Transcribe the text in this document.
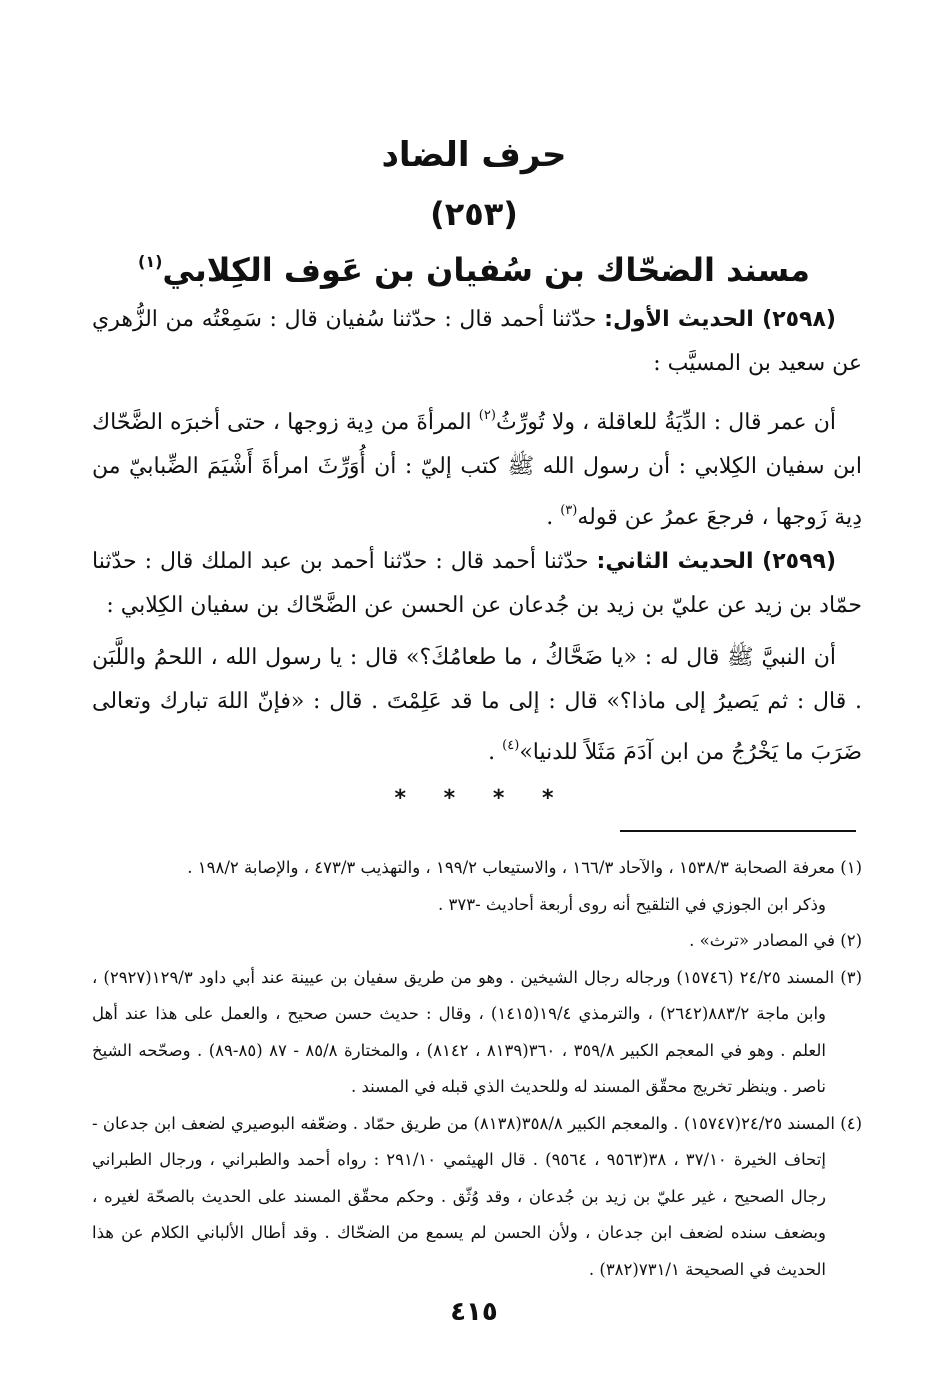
حرف الضاد
(٢٥٣)
مسند الضحّاك بن سُفيان بن عَوف الكِلابي$^{(١)}$

(٢٥٩٨) الحديث الأول: حدّثنا أحمد قال : حدّثنا سُفيان قال : سَمِعْتُه من الزُّهري عن سعيد بن المسيَّب :

أن عمر قال : الدِّيَةُ للعاقلة ، ولا تُورِّثُ$^{(٢)}$ المرأةَ من دِية زوجها ، حتى أخبرَه الضَّحّاك ابن سفيان الكِلابي : أن رسول الله ﷺ كتب إليّ : أن أُوَرِّثَ امرأةَ أَشْيَمَ الضِّبابيّ من دِية زَوجها ، فرجعَ عمرُ عن قوله$^{(٣)}$ .

(٢٥٩٩) الحديث الثاني: حدّثنا أحمد قال : حدّثنا أحمد بن عبد الملك قال : حدّثنا حمّاد بن زيد عن عليّ بن زيد بن جُدعان عن الحسن عن الضَّحّاك بن سفيان الكِلابي :

أن النبيَّ ﷺ قال له : «يا ضَحَّاكُ ، ما طعامُكَ؟» قال : يا رسول الله ، اللحمُ واللَّبَن . قال : ثم يَصيرُ إلى ماذا؟» قال : إلى ما قد عَلِمْتَ . قال : «فإنّ اللهَ تبارك وتعالى ضَرَبَ ما يَخْرُجُ من ابن آدَمَ مَثَلاً للدنيا»$^{(٤)}$ .

* * * *

(١) معرفة الصحابة ١٥٣٨/٣ ، والآحاد ١٦٦/٣ ، والاستيعاب ١٩٩/٢ ، والتهذيب ٤٧٣/٣ ، والإصابة ١٩٨/٢ .
وذكر ابن الجوزي في التلقيح أنه روى أربعة أحاديث -٣٧٣ .

(٢) في المصادر «ترث» .

(٣) المسند ٢٤/٢٥ (١٥٧٤٦) ورجاله رجال الشيخين . وهو من طريق سفيان بن عيينة عند أبي داود ١٢٩/٣(٢٩٢٧) ، وابن ماجة ٨٨٣/٢(٢٦٤٢) ، والترمذي ١٩/٤(١٤١٥) ، وقال : حديث حسن صحيح ، والعمل على هذا عند أهل العلم . وهو في المعجم الكبير ٣٥٩/٨ ، ٣٦٠(٨١٣٩ ، ٨١٤٢) ، والمختارة ٨٥/٨ - ٨٧ (٨٥-٨٩) . وصحّحه الشيخ ناصر . وينظر تخريج محقّق المسند له وللحديث الذي قبله في المسند .

(٤) المسند ٢٤/٢٥(١٥٧٤٧) . والمعجم الكبير ٣٥٨/٨(٨١٣٨) من طريق حمّاد . وضعّفه البوصيري لضعف ابن جدعان - إتحاف الخيرة ٣٧/١٠ ، ٣٨(٩٥٦٣ ، ٩٥٦٤) . قال الهيثمي ٢٩١/١٠ : رواه أحمد والطبراني ، ورجال الطبراني رجال الصحيح ، غير عليّ بن زيد بن جُدعان ، وقد وُثّق . وحكم محقّق المسند على الحديث بالصحّة لغيره ، وبضعف سنده لضعف ابن جدعان ، ولأن الحسن لم يسمع من الضحّاك . وقد أطال الألباني الكلام عن هذا الحديث في الصحيحة ٧٣١/١(٣٨٢) .

٤١٥
